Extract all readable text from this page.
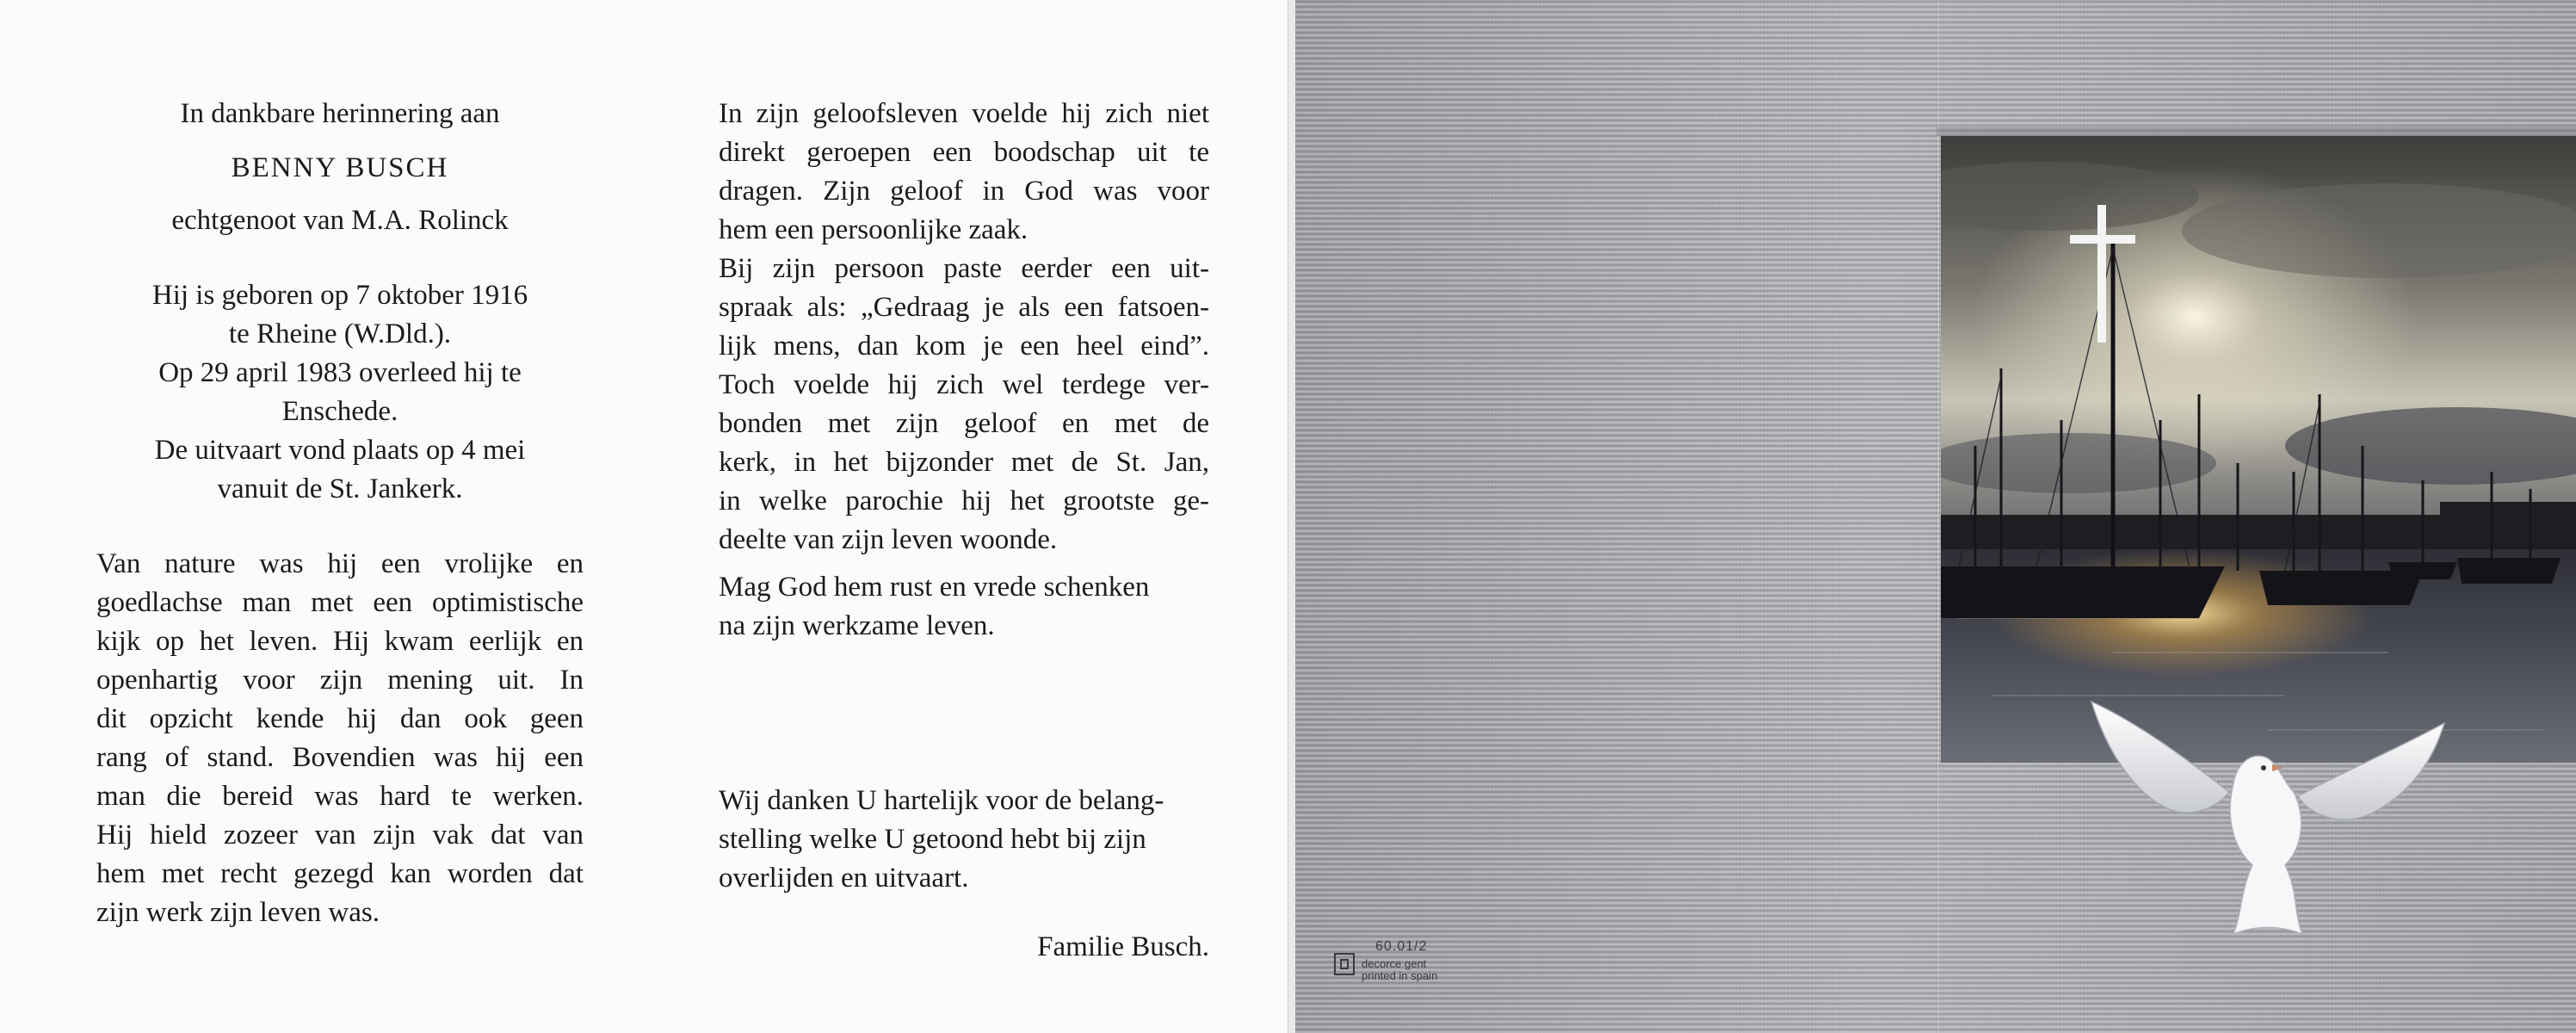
In dankbare herinnering aan

BENNY BUSCH

echtgenoot van M.A. Rolinck

Hij is geboren op 7 oktober 1916

te Rheine (W.Dld.).

Op 29 april 1983 overleed hij te

Enschede.

De uitvaart vond plaats op 4 mei

vanuit de St. Jankerk.

Van nature was hij een vrolijke en

goedlachse man met een optimistische

kijk op het leven. Hij kwam eerlijk en

openhartig voor zijn mening uit. In

dit opzicht kende hij dan ook geen

rang of stand. Bovendien was hij een

man die bereid was hard te werken.

Hij hield zozeer van zijn vak dat van

hem met recht gezegd kan worden dat

zijn werk zijn leven was.

In zijn geloofsleven voelde hij zich niet

direkt geroepen een boodschap uit te

dragen. Zijn geloof in God was voor

hem een persoonlijke zaak.

Bij zijn persoon paste eerder een uit-

spraak als: „Gedraag je als een fatsoen-

lijk mens, dan kom je een heel eind”.

Toch voelde hij zich wel terdege ver-

bonden met zijn geloof en met de

kerk, in het bijzonder met de St. Jan,

in welke parochie hij het grootste ge-

deelte van zijn leven woonde.

Mag God hem rust en vrede schenken

na zijn werkzame leven.

Wij danken U hartelijk voor de belang-

stelling welke U getoond hebt bij zijn

overlijden en uitvaart.

Familie Busch.	60.01/2
decorce gent
printed in spain
